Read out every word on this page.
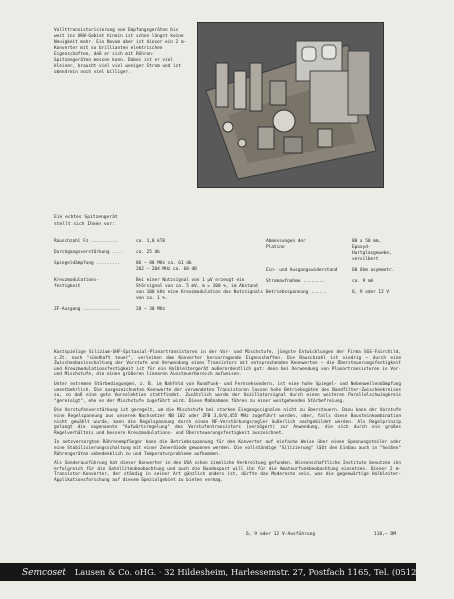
Vollttransistorisierung von Empfangsgeräten bis weit ins UKW-Gebiet hinein ist schon längst keine Neuigkeit mehr. Ein Novum aber ist dieser ein 2 m-Konverter mit so brillianten elektrischen Eigenschaften, daß er sich mit Röhren-Spitzengeräten messen kann. Dabei ist er viel kleiner, braucht viel viel weniger Strom und ist obendrein noch viel billiger.
Ein echtes Spitzengerät
stellt sich Ihnen vor:
Rauschzahl Fz ..........	ca. 1,8 kT0
Durchgangsverstärkung ....	ca. 25 db
Spiegeldämpfung .........	86 – 88 MHz ca. 61 db
202 – 204 MHz ca. 68 dB
Kreuzmodulations-
festigkeit
Bei einer Nutzsignal von 1 µV erzeugt ein Störsignal von ca. 5 mV, m = 100 %, im Abstand von 100 kHz eine Kreuzmodulation des Nutzsignals von ca. 1 %.
ZF-Ausgang ..............	28 – 30 MHz
Abmessungen der
Platine
80 x 50 mm,
Epoxyd-Hartglasgewebe, versilbert
Ein- und Ausgangswiderstand	60 Ohm asymmetr.
Stromaufnahme ........	ca. 9 mA
Betriebsspannung ......	6, 9 oder 12 V

Kostspielige Silizium-UHF-Epitaxial-Planartransistoren in der Vor- und Mischstufe, jüngste Entwicklungen der Firma SGS-Fairchild, z.Zt. noch "sündhaft teuer", verleihen dem Konverter hervorragende Eigenschaften. Die Rauschzahl ist niedrig – durch eine Zwischenbasisschaltung der Vorstufe und Verwendung eines Transistors mit entsprechenden Kennwerten – die Übersteuerungsfestigkeit und Kreuzmodulationsfestigkeit ist für ein Halbleitergerät außerordentlich gut: denn bei Verwendung von Planartransistoren in Vor- und Mischstufe, die einen größeren linearen Aussteuerbereich aufweisen.

Unter extremen Störbedingungen, z. B. im Nahfeld von Rundfunk- und Fernsehsendern, ist eine hohe Spiegel- und Nebenwellendämpfung unentbehrlich. Die ausgezeichneten Kennwerte der verwendeten Transistoren lassen hohe Betriebsgüten des Bandfilter-Zwischenkreises zu, so daß eine gute Vorselektion stattfindet. Zusätzlich wurde der Oszillatorsignal durch einen weiteren Parallelschwingkreis "gereinigt", ehe es der Mischstufe zugeführt wird. Diese Maßnahmen führen zu einer weitgehenden Störbefreiung.

Die Vorstufenverstärkung ist geregelt, um die Mischstufe bei starken Eingangssignalen nicht zu übersteuern. Dazu kann der Vorstufe eine Regelspannung aus unserem Nachsetzer NB 102 oder ZFB 3,0/0,455 MHz zugeführt werden, oder, falls diese Bausteinkombination nicht gewählt wurde, kann die Regelspannung durch einen NF-Verstärkungsregler äußerlich nachgebildet werden. Als Regelprinzip gelangt die sogenannte "Aufwärtsregelung" des Vorstufentransistors (verzögert) zur Anwendung, die sich durch ein großes Regelverhältnis und bessere Kreuzmodulations- und Übersteuerungsfestigkeit auszeichnet.

In netzversorgten Röhrenempfänger kann die Betriebsspannung für den Konverter auf einfache Weise über einen Spannungsteiler oder eine Stabilisierungsschaltung mit einer Zenerdiode gewonnen werden. Die vollständige "Silizierung" läßt den Einbau auch in "heißen" Röhrengeräten unbedenklich zu und Temperaturprobleme aufkommen.

Als Sonderausführung hat dieser Konverter in den USA schon ziemliche Verbreitung gefunden. Wissenschaftliche Institute benutzen ihn erfolgreich für die Satellitenbeobachtung und auch die Bundespost will ihn für die Amateurfunkbeobachtung einsetzen. Dieser 2 m-Transistor-Konverter, der ständig in seiner Art gänzlich anders ist, dürfte das Modernste sein, was die gegenwärtige Halbleiter-Applikationsforschung auf diesem Spezialgebiet zu bieten vermag.

6, 9 oder 12 V-Ausführung	118,— DM
Semcoset Lausen & Co. oHG. · 32 Hildesheim, Harlessemstr. 27, Postfach 1165, Tel. (05121) 62322
